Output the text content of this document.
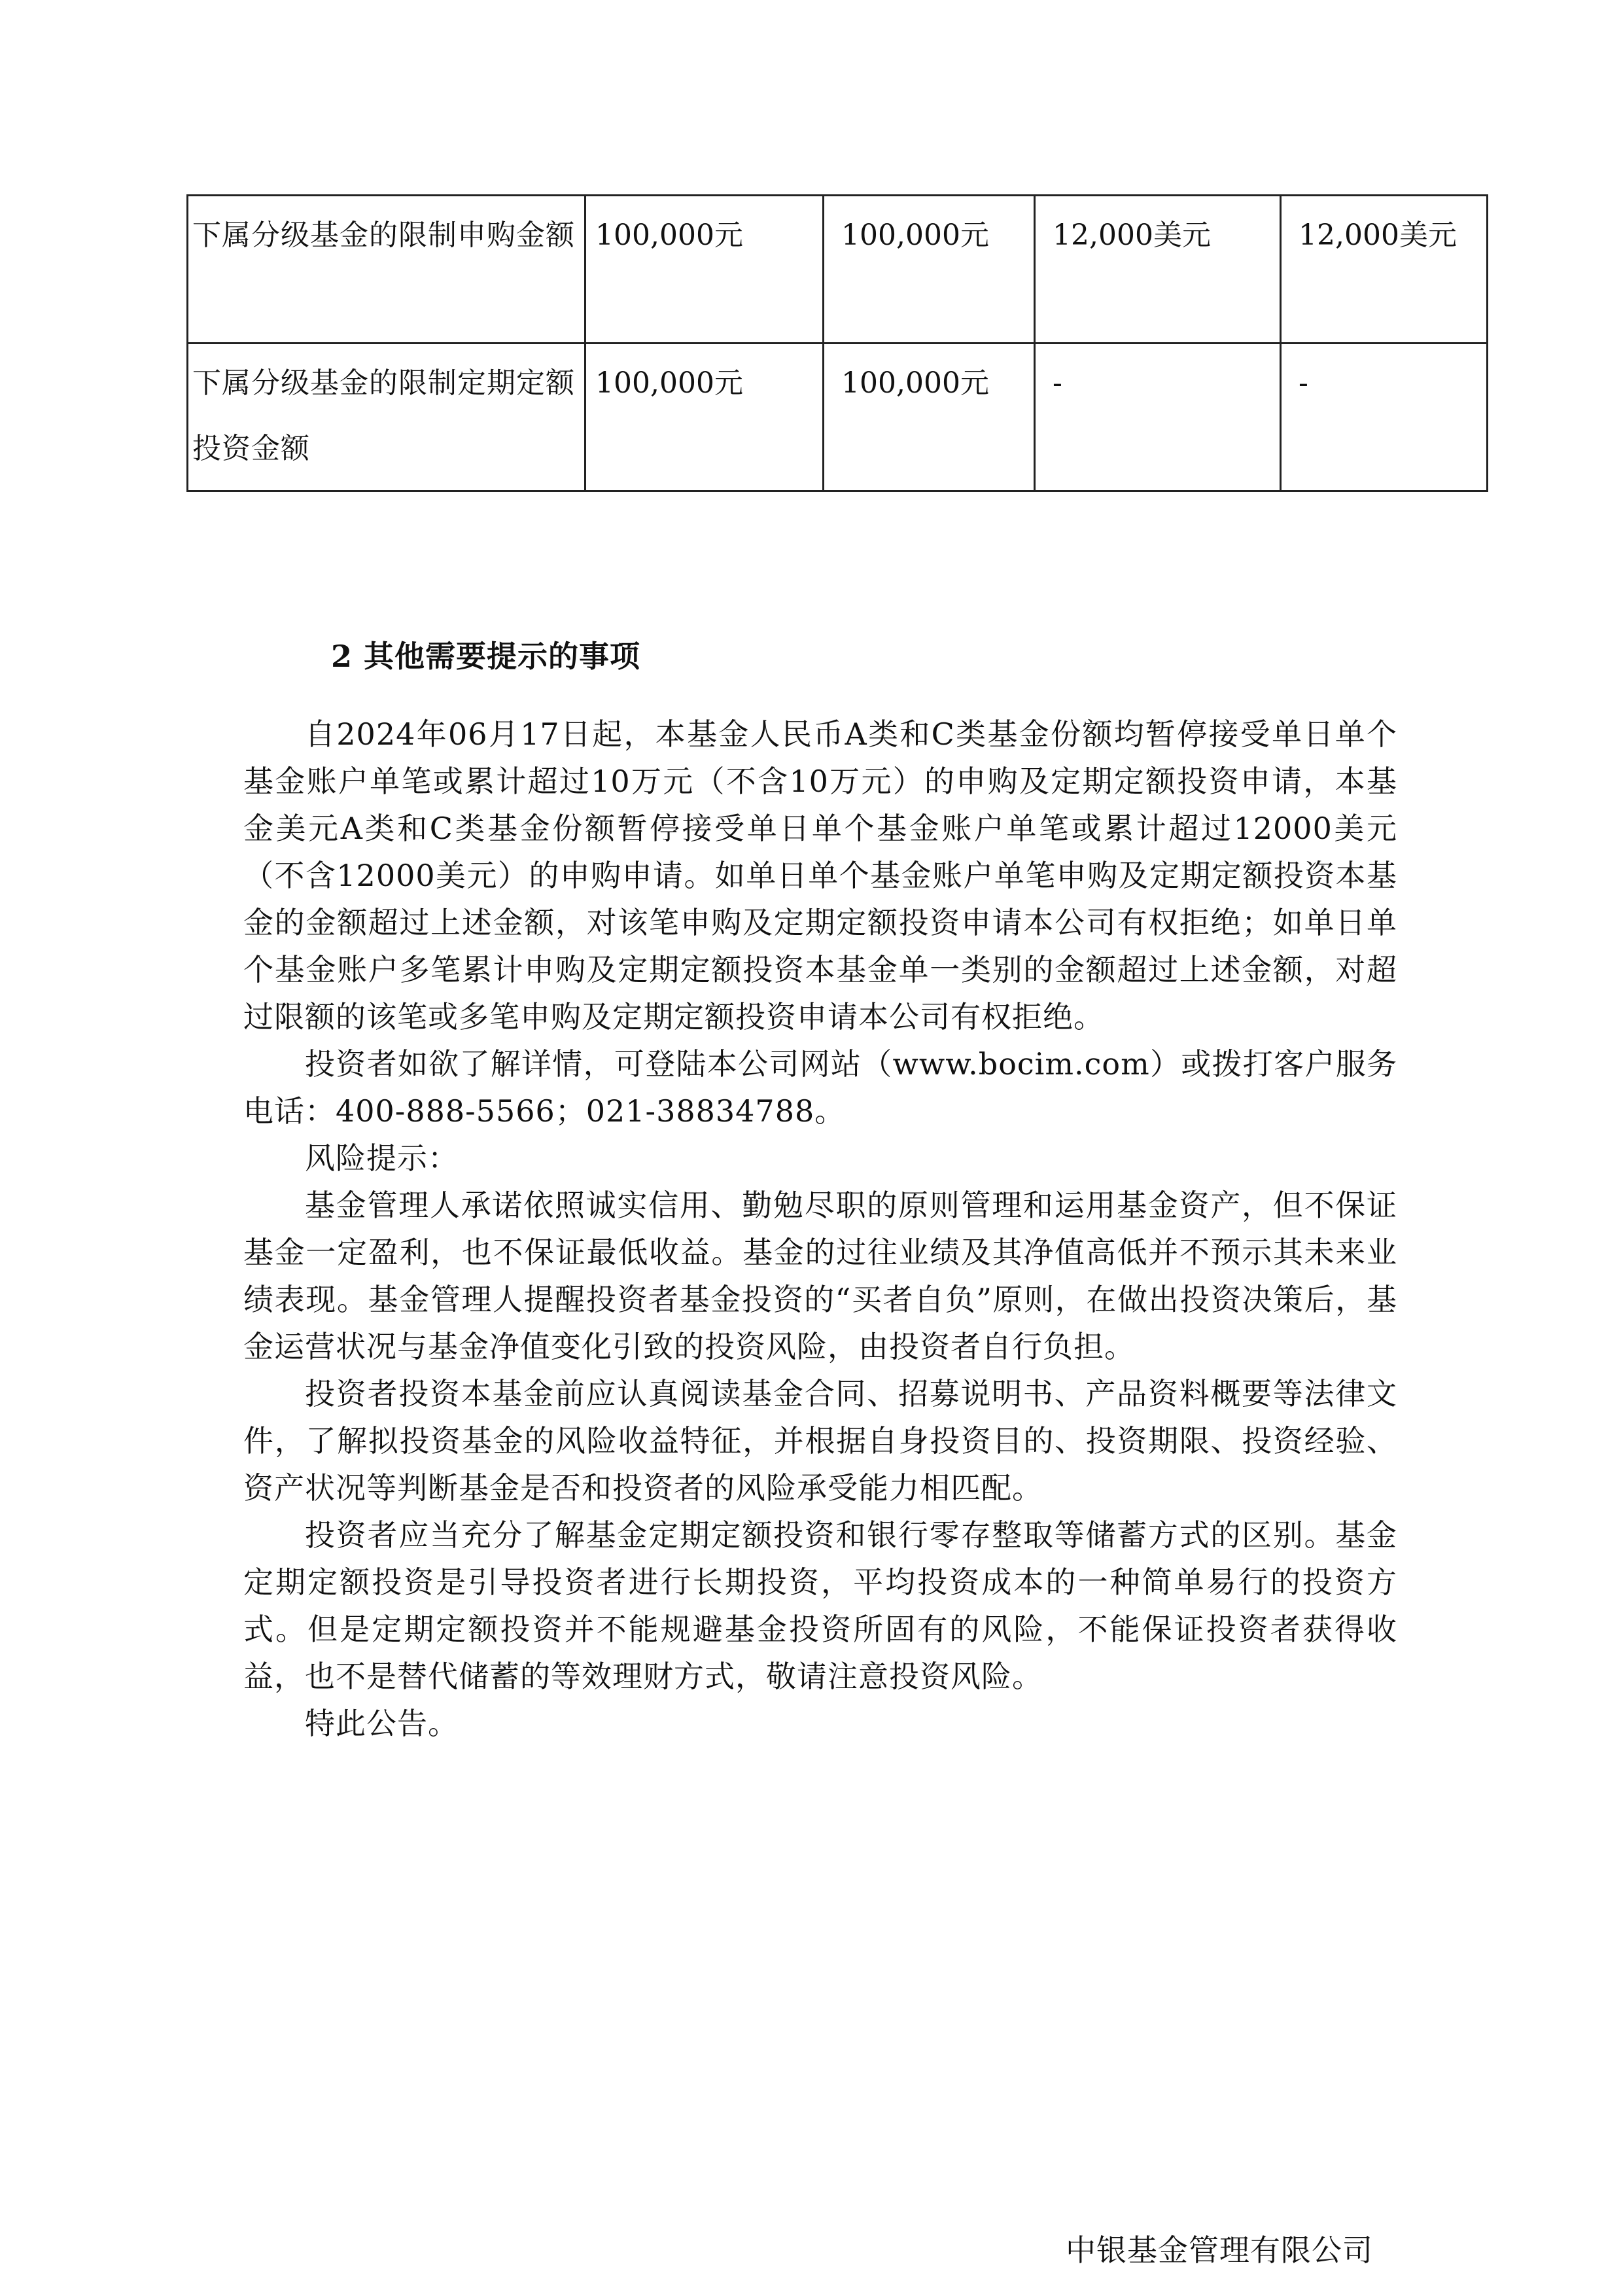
下属分级基金的限制申购金额	100,000元	100,000元	12,000美元	12,000美元
下属分级基金的限制定期定额投资金额	100,000元	100,000元	-	-
2 其他需要提示的事项

自2024年06月17日起，本基金人民币A类和C类基金份额均暂停接受单日单个基金账户单笔或累计超过10万元（不含10万元）的申购及定期定额投资申请，本基金美元A类和C类基金份额暂停接受单日单个基金账户单笔或累计超过12000美元（不含12000美元）的申购申请。如单日单个基金账户单笔申购及定期定额投资本基金的金额超过上述金额，对该笔申购及定期定额投资申请本公司有权拒绝；如单日单个基金账户多笔累计申购及定期定额投资本基金单一类别的金额超过上述金额，对超过限额的该笔或多笔申购及定期定额投资申请本公司有权拒绝。

投资者如欲了解详情，可登陆本公司网站（www.bocim.com）或拨打客户服务电话：400-888-5566；021-38834788。

风险提示：

基金管理人承诺依照诚实信用、勤勉尽职的原则管理和运用基金资产，但不保证基金一定盈利，也不保证最低收益。基金的过往业绩及其净值高低并不预示其未来业绩表现。基金管理人提醒投资者基金投资的“买者自负”原则，在做出投资决策后，基金运营状况与基金净值变化引致的投资风险，由投资者自行负担。

投资者投资本基金前应认真阅读基金合同、招募说明书、产品资料概要等法律文件，了解拟投资基金的风险收益特征，并根据自身投资目的、投资期限、投资经验、资产状况等判断基金是否和投资者的风险承受能力相匹配。

投资者应当充分了解基金定期定额投资和银行零存整取等储蓄方式的区别。基金定期定额投资是引导投资者进行长期投资，平均投资成本的一种简单易行的投资方式。但是定期定额投资并不能规避基金投资所固有的风险，不能保证投资者获得收益，也不是替代储蓄的等效理财方式，敬请注意投资风险。

特此公告。

中银基金管理有限公司
